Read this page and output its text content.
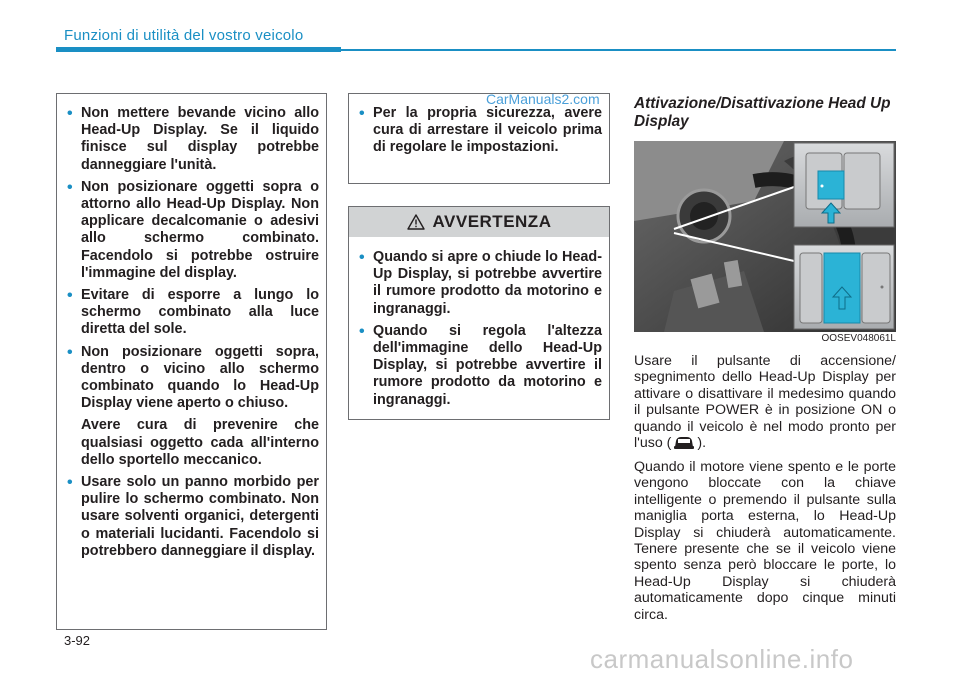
Funzioni di utilità del vostro veicolo
• Non mettere bevande vicino allo Head-Up Display. Se il liquido finisce sul display potrebbe danneggiare l'unità.
• Non posizionare oggetti sopra o attorno allo Head-Up Display. Non applicare decalcomanie o adesivi allo schermo combinato. Facendolo si potrebbe ostruire l'immagine del display.
• Evitare di esporre a lungo lo schermo combinato alla luce diretta del sole.
• Non posizionare oggetti sopra, dentro o vicino allo schermo combinato quando lo Head-Up Display viene aperto o chiuso.
Avere cura di prevenire che qualsiasi oggetto cada all'interno dello sportello meccanico.
• Usare solo un panno morbido per pulire lo schermo combinato. Non usare solventi organici, detergenti o materiali lucidanti. Facendolo si potrebbero danneggiare il display.
• Per la propria sicurezza, avere cura di arrestare il veicolo prima di regolare le impostazioni.
CarManuals2.com
AVVERTENZA
• Quando si apre o chiude lo Head-Up Display, si potrebbe avvertire il rumore prodotto da motorino e ingranaggi.
• Quando si regola l'altezza dell'immagine dello Head-Up Display, si potrebbe avvertire il rumore prodotto da motorino e ingranaggi.
Attivazione/Disattivazione Head Up Display
OOSEV048061L
Usare il pulsante di accensione/ spegnimento dello Head-Up Display per attivare o disattivare il medesimo quando il pulsante POWER è in posizione ON o quando il veicolo è nel modo pronto per l'uso ( ).
Quando il motore viene spento e le porte vengono bloccate con la chiave intelligente o premendo il pulsante sulla maniglia porta esterna, lo Head-Up Display si chiuderà automaticamente. Tenere presente che se il veicolo viene spento senza però bloccare le porte, lo Head-Up Display si chiuderà automaticamente dopo cinque minuti circa.
3-92
carmanualsonline.info
